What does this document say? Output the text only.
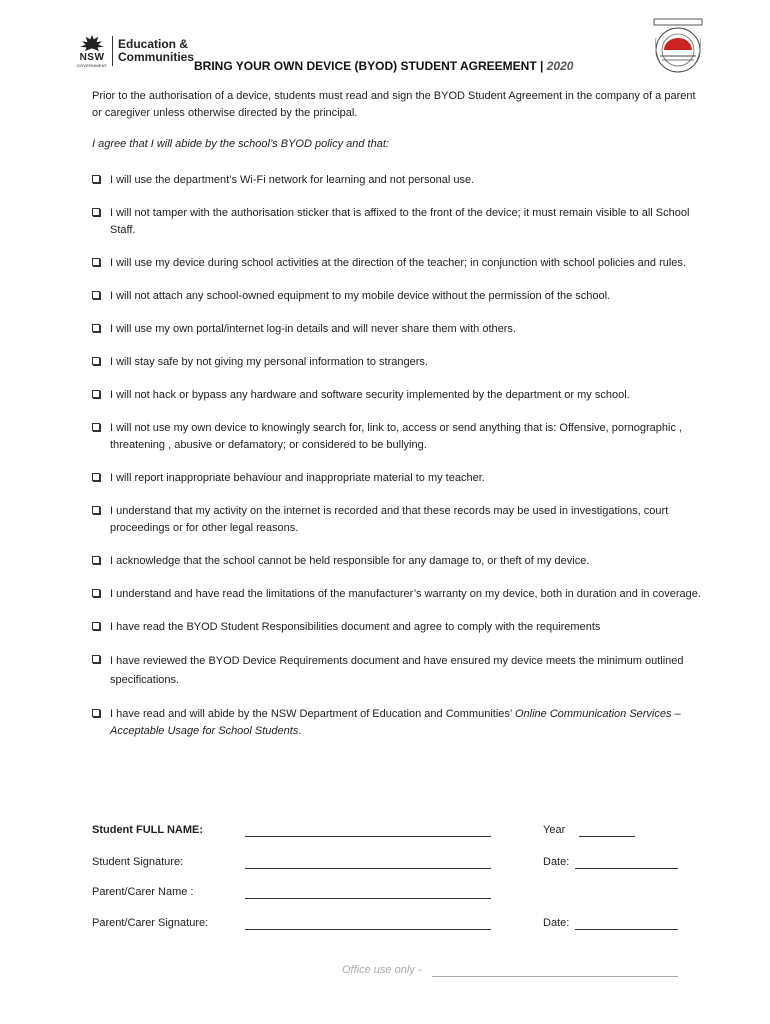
NSW
GOVERNMENT
Education &
Communities
BRING YOUR OWN DEVICE (BYOD) STUDENT AGREEMENT | 2020
Prior to the authorisation of a device, students must read and sign the BYOD Student Agreement in the company of a parent or caregiver unless otherwise directed by the principal.
I agree that I will abide by the school’s BYOD policy and that:
I will use the department’s Wi-Fi network for learning and not personal use.
I will not tamper with the authorisation sticker that is affixed to the front of the device; it must remain visible to all School Staff.
I will use my device during school activities at the direction of the teacher; in conjunction with school policies and rules.
I will not attach any school-owned equipment to my mobile device without the permission of the school.
I will use my own portal/internet log-in details and will never share them with others.
I will stay safe by not giving my personal information to strangers.
I will not hack or bypass any hardware and software security implemented by the department or my school.
I will not use my own device to knowingly search for, link to, access or send anything that is: Offensive, pornographic , threatening , abusive or defamatory; or considered to be bullying.
I will report inappropriate behaviour and inappropriate material to my teacher.
I understand that my activity on the internet is recorded and that these records may be used in investigations, court proceedings or for other legal reasons.
I acknowledge that the school cannot be held responsible for any damage to, or theft of my device.
I understand and have read the limitations of the manufacturer’s warranty on my device, both in duration and in coverage.
I have read the BYOD Student Responsibilities document and agree to comply with the requirements
I have reviewed the BYOD Device Requirements document and have ensured my device meets the minimum outlined specifications.
I have read and will abide by the NSW Department of Education and Communities’ Online Communication Services – Acceptable Usage for School Students.
Student FULL NAME:	Year
Student Signature:	Date:
Parent/Carer Name :
Parent/Carer Signature:	Date:
Office use only -
